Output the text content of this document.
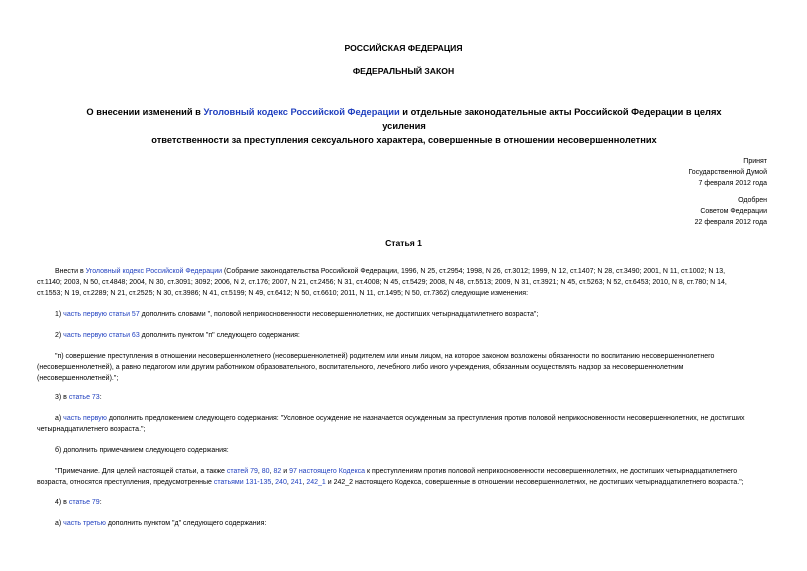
РОССИЙСКАЯ ФЕДЕРАЦИЯ
ФЕДЕРАЛЬНЫЙ ЗАКОН
О внесении изменений в Уголовный кодекс Российской Федерации и отдельные законодательные акты Российской Федерации в целях усиления
ответственности за преступления сексуального характера, совершенные в отношении несовершеннолетних
Принят
Государственной Думой
7 февраля 2012 года
Одобрен
Советом Федерации
22 февраля 2012 года
Статья 1
Внести в Уголовный кодекс Российской Федерации (Собрание законодательства Российской Федерации, 1996, N 25, ст.2954; 1998, N 26, ст.3012; 1999, N 12, ст.1407; N 28, ст.3490; 2001, N 11, ст.1002; N 13,
ст.1140; 2003, N 50, ст.4848; 2004, N 30, ст.3091; 3092; 2006, N 2, ст.176; 2007, N 21, ст.2456; N 31, ст.4008; N 45, ст.5429; 2008, N 48, ст.5513; 2009, N 31, ст.3921; N 45, ст.5263; N 52, ст.6453; 2010, N 8, ст.780; N 14,
ст.1553; N 19, ст.2289; N 21, ст.2525; N 30, ст.3986; N 41, ст.5199; N 49, ст.6412; N 50, ст.6610; 2011, N 11, ст.1495; N 50, ст.7362) следующие изменения:
1) часть первую статьи 57 дополнить словами ", половой неприкосновенности несовершеннолетних, не достигших четырнадцатилетнего возраста";
2) часть первую статьи 63 дополнить пунктом "п" следующего содержания:
"п) совершение преступления в отношении несовершеннолетнего (несовершеннолетней) родителем или иным лицом, на которое законом возложены обязанности по воспитанию несовершеннолетнего
(несовершеннолетней), а равно педагогом или другим работником образовательного, воспитательного, лечебного либо иного учреждения, обязанным осуществлять надзор за несовершеннолетним
(несовершеннолетней).";
3) в статье 73:
а) часть первую дополнить предложением следующего содержания: "Условное осуждение не назначается осужденным за преступления против половой неприкосновенности несовершеннолетних, не достигших
четырнадцатилетнего возраста.";
б) дополнить примечанием следующего содержания:
"Примечание. Для целей настоящей статьи, а также статей 79, 80, 82 и 97 настоящего Кодекса к преступлениям против половой неприкосновенности несовершеннолетних, не достигших четырнадцатилетнего
возраста, относятся преступления, предусмотренные статьями 131-135, 240, 241, 242_1 и 242_2 настоящего Кодекса, совершенные в отношении несовершеннолетних, не достигших четырнадцатилетнего возраста.";
4) в статье 79:
а) часть третью дополнить пунктом "д" следующего содержания:
